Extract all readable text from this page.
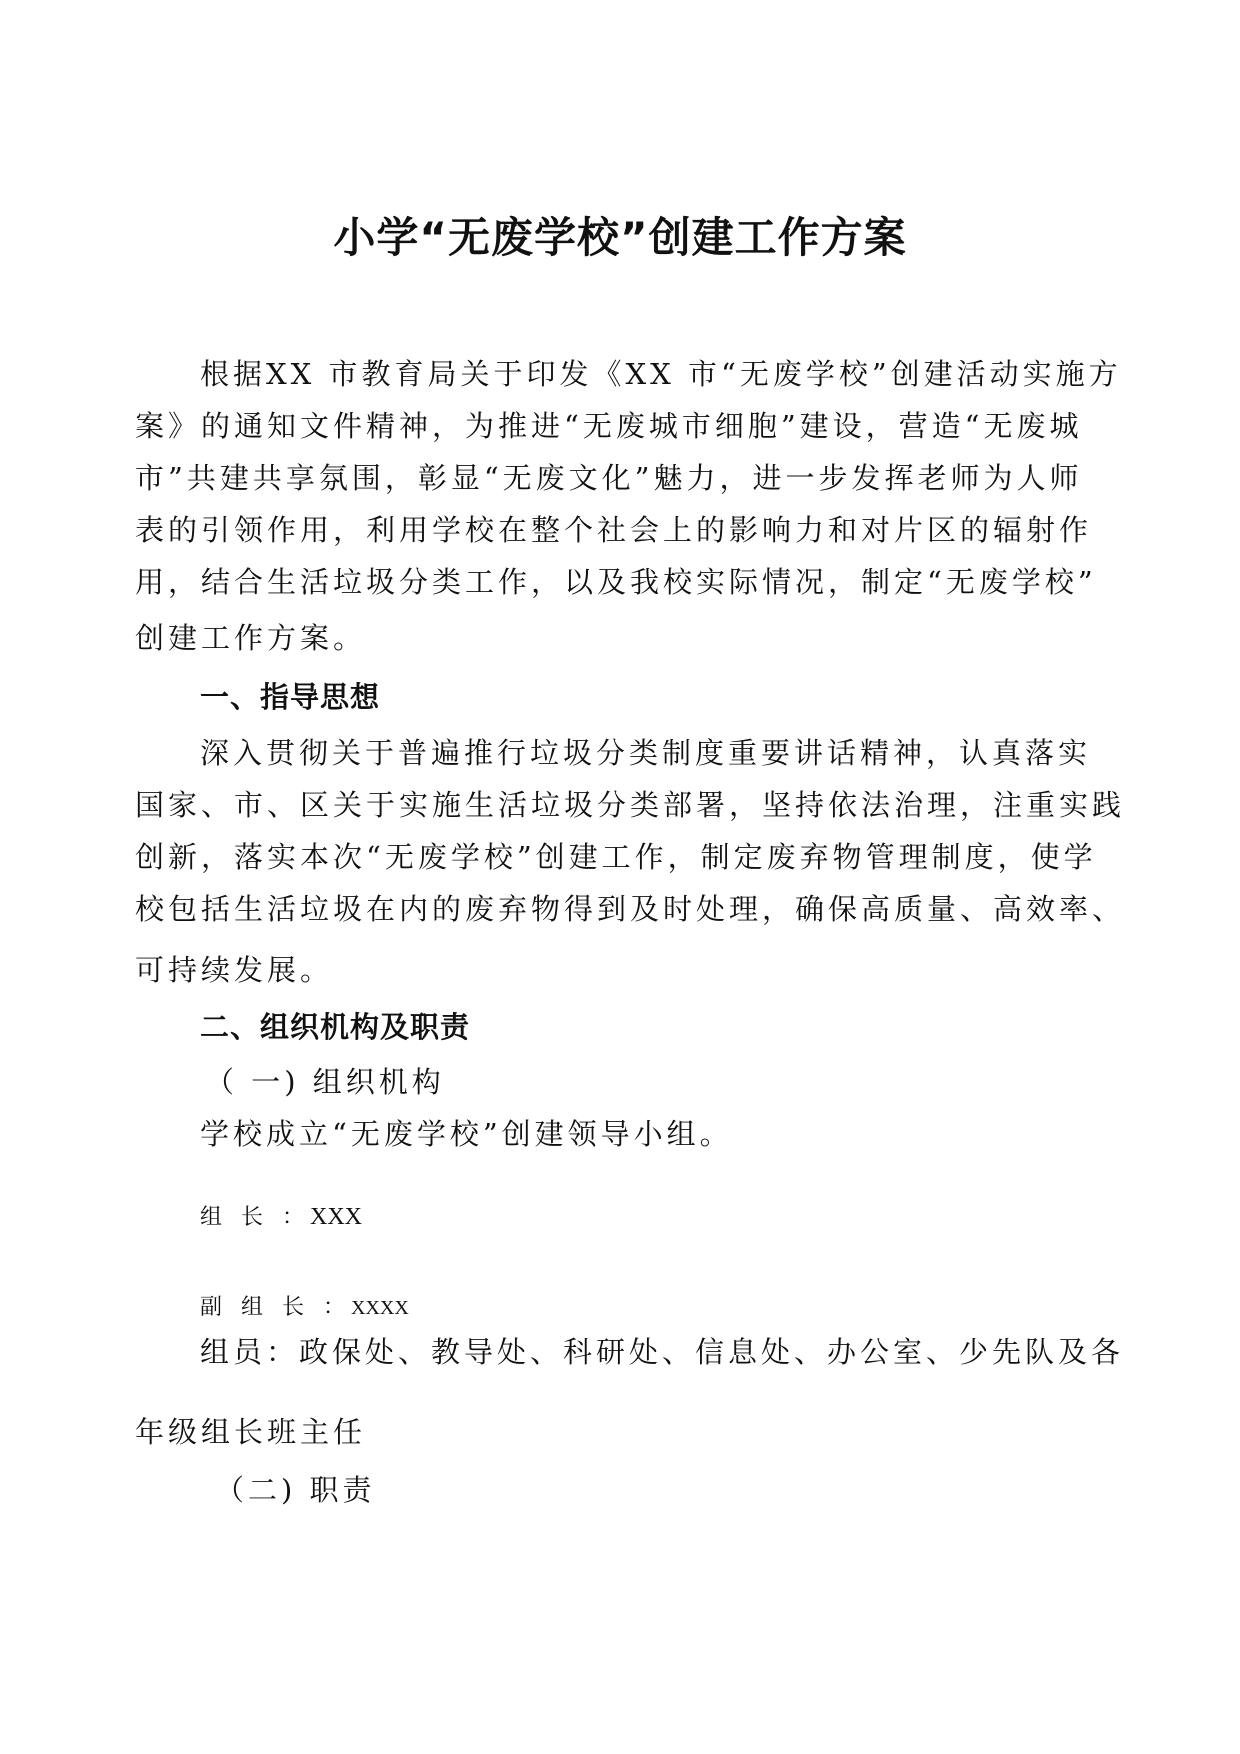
小学“无废学校”创建工作方案
根据XX 市教育局关于印发《XX 市“无废学校”创建活动实施方
案》的通知文件精神，为推进“无废城市细胞”建设，营造“无废城
市”共建共享氛围，彰显“无废文化”魅力，进一步发挥老师为人师
表的引领作用，利用学校在整个社会上的影响力和对片区的辐射作
用，结合生活垃圾分类工作，以及我校实际情况，制定“无废学校”
创建工作方案。
一、指导思想
深入贯彻关于普遍推行垃圾分类制度重要讲话精神，认真落实
国家、市、区关于实施生活垃圾分类部署，坚持依法治理，注重实践
创新，落实本次“无废学校”创建工作，制定废弃物管理制度，使学
校包括生活垃圾在内的废弃物得到及时处理，确保高质量、高效率、
可持续发展。
二、组织机构及职责
（ 一) 组织机构
学校成立“无废学校”创建领导小组。
组 长 ：XXX
副 组 长 ：XXXX
组员：政保处、教导处、科研处、信息处、办公室、少先队及各
年级组长班主任
（二) 职责
